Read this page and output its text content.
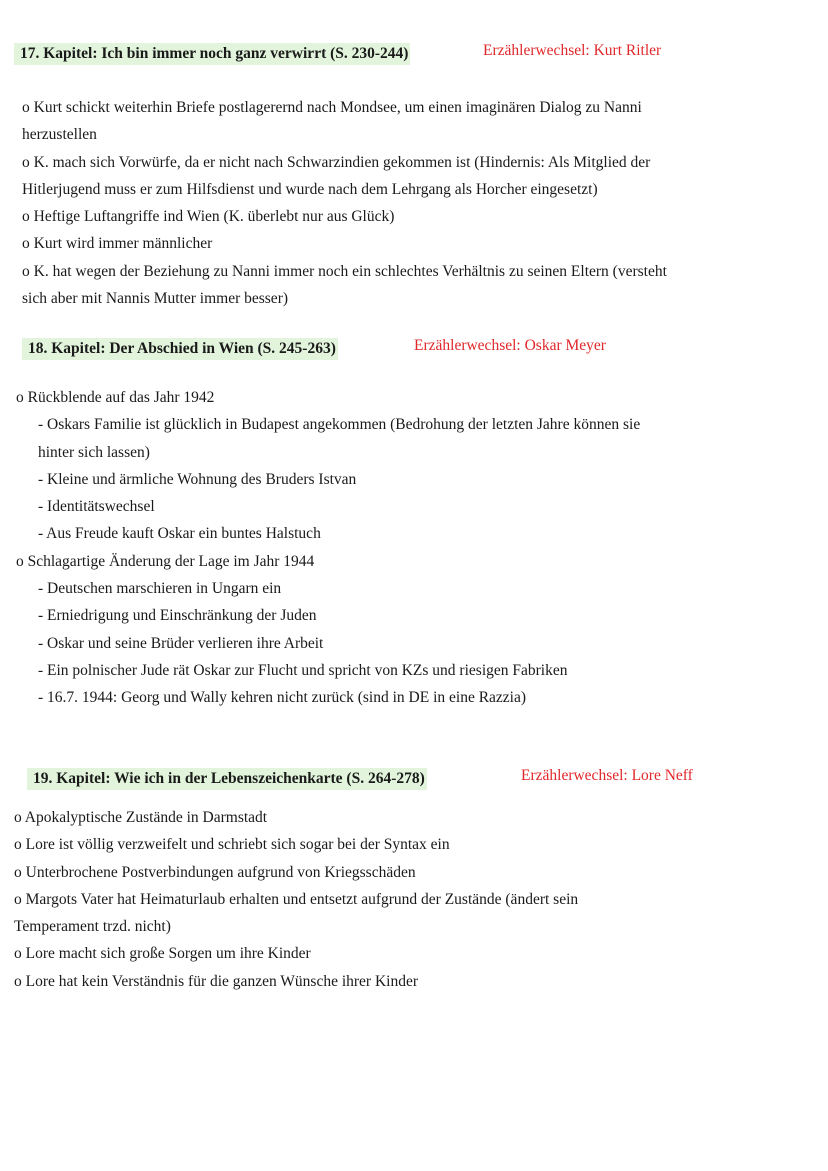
17. Kapitel: Ich bin immer noch ganz verwirrt (S. 230-244)	Erzählerwechsel: Kurt Ritler
o Kurt schickt weiterhin Briefe postlagerernd nach Mondsee, um einen imaginären Dialog zu Nanni
herzustellen
o K. mach sich Vorwürfe, da er nicht nach Schwarzindien gekommen ist (Hindernis: Als Mitglied der
Hitlerjugend muss er zum Hilfsdienst und wurde nach dem Lehrgang als Horcher eingesetzt)
o Heftige Luftangriffe ind Wien (K. überlebt nur aus Glück)
o Kurt wird immer männlicher
o K. hat wegen der Beziehung zu Nanni immer noch ein schlechtes Verhältnis zu seinen Eltern (versteht
sich aber mit Nannis Mutter immer besser)
18. Kapitel: Der Abschied in Wien (S. 245-263)	Erzählerwechsel: Oskar Meyer
o Rückblende auf das Jahr 1942
- Oskars Familie ist glücklich in Budapest angekommen (Bedrohung der letzten Jahre können sie
hinter sich lassen)
- Kleine und ärmliche Wohnung des Bruders Istvan
- Identitätswechsel
- Aus Freude kauft Oskar ein buntes Halstuch
o Schlagartige Änderung der Lage im Jahr 1944
- Deutschen marschieren in Ungarn ein
- Erniedrigung und Einschränkung der Juden
- Oskar und seine Brüder verlieren ihre Arbeit
- Ein polnischer Jude rät Oskar zur Flucht und spricht von KZs und riesigen Fabriken
- 16.7. 1944: Georg und Wally kehren nicht zurück (sind in DE in eine Razzia)
19. Kapitel: Wie ich in der Lebenszeichenkarte (S. 264-278)	Erzählerwechsel: Lore Neff
o Apokalyptische Zustände in Darmstadt
o Lore ist völlig verzweifelt und schriebt sich sogar bei der Syntax ein
o Unterbrochene Postverbindungen aufgrund von Kriegsschäden
o Margots Vater hat Heimaturlaub erhalten und entsetzt aufgrund der Zustände (ändert sein
Temperament trzd. nicht)
o Lore macht sich große Sorgen um ihre Kinder
o Lore hat kein Verständnis für die ganzen Wünsche ihrer Kinder
